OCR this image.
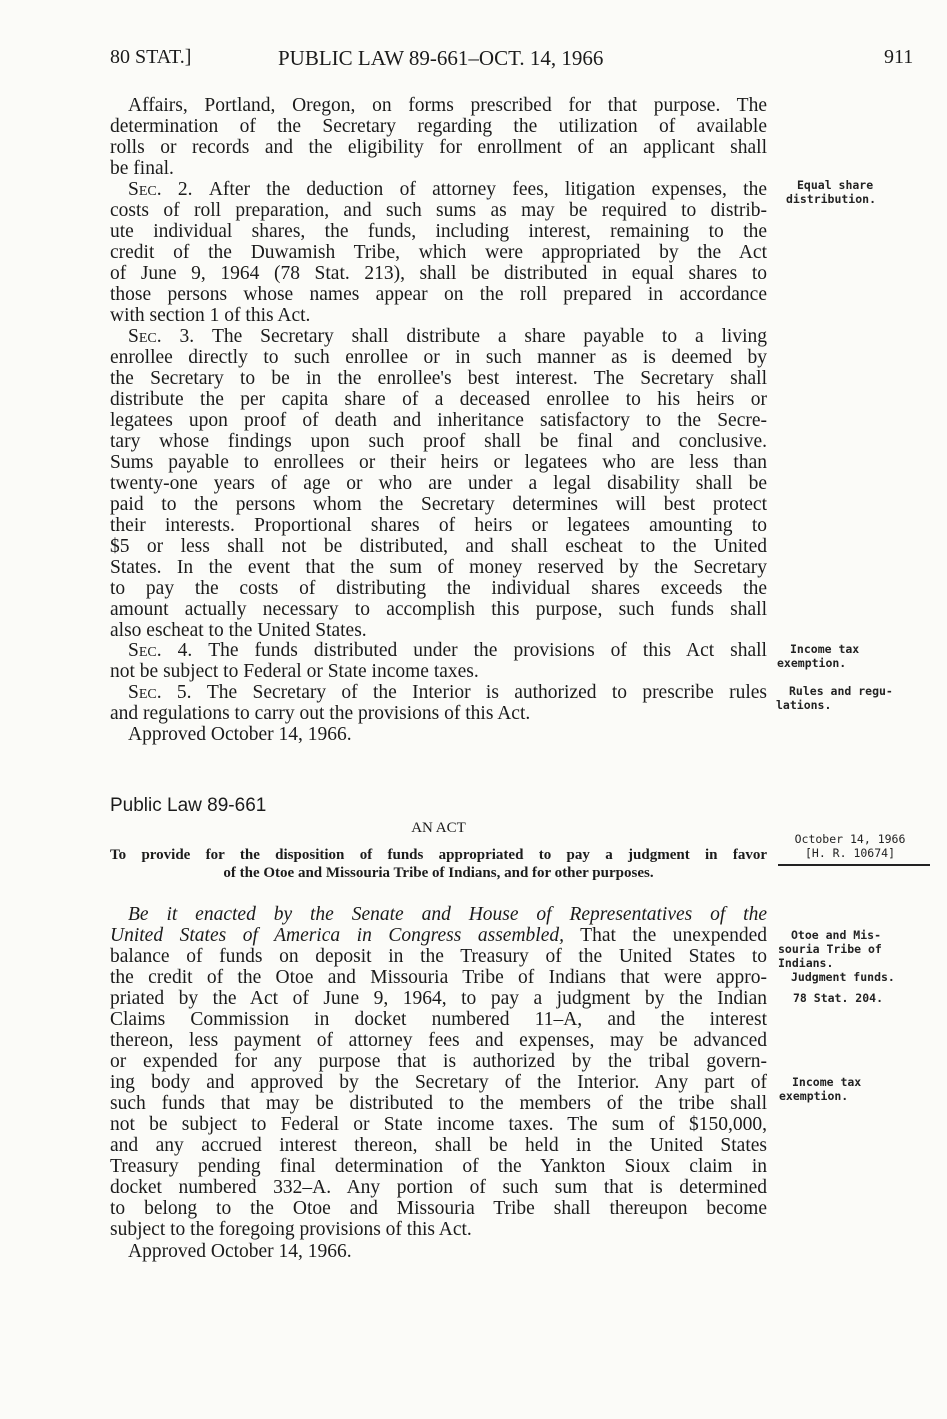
80 STAT.]	PUBLIC LAW 89-661–OCT. 14, 1966	911
Affairs, Portland, Oregon, on forms prescribed for that purpose. The
determination of the Secretary regarding the utilization of available
rolls or records and the eligibility for enrollment of an applicant shall
be final.
Sec. 2. After the deduction of attorney fees, litigation expenses, the
costs of roll preparation, and such sums as may be required to distrib-
ute individual shares, the funds, including interest, remaining to the
credit of the Duwamish Tribe, which were appropriated by the Act
of June 9, 1964 (78 Stat. 213), shall be distributed in equal shares to
those persons whose names appear on the roll prepared in accordance
with section 1 of this Act.
Sec. 3. The Secretary shall distribute a share payable to a living
enrollee directly to such enrollee or in such manner as is deemed by
the Secretary to be in the enrollee's best interest. The Secretary shall
distribute the per capita share of a deceased enrollee to his heirs or
legatees upon proof of death and inheritance satisfactory to the Secre-
tary whose findings upon such proof shall be final and conclusive.
Sums payable to enrollees or their heirs or legatees who are less than
twenty-one years of age or who are under a legal disability shall be
paid to the persons whom the Secretary determines will best protect
their interests. Proportional shares of heirs or legatees amounting to
$5 or less shall not be distributed, and shall escheat to the United
States. In the event that the sum of money reserved by the Secretary
to pay the costs of distributing the individual shares exceeds the
amount actually necessary to accomplish this purpose, such funds shall
also escheat to the United States.
Sec. 4. The funds distributed under the provisions of this Act shall
not be subject to Federal or State income taxes.
Sec. 5. The Secretary of the Interior is authorized to prescribe rules
and regulations to carry out the provisions of this Act.
Approved October 14, 1966.
Public Law 89-661
AN ACT
To provide for the disposition of funds appropriated to pay a judgment in favor
of the Otoe and Missouria Tribe of Indians, and for other purposes.
Be it enacted by the Senate and House of Representatives of the
United States of America in Congress assembled, That the unexpended
balance of funds on deposit in the Treasury of the United States to
the credit of the Otoe and Missouria Tribe of Indians that were appro-
priated by the Act of June 9, 1964, to pay a judgment by the Indian
Claims Commission in docket numbered 11–A, and the interest
thereon, less payment of attorney fees and expenses, may be advanced
or expended for any purpose that is authorized by the tribal govern-
ing body and approved by the Secretary of the Interior. Any part of
such funds that may be distributed to the members of the tribe shall
not be subject to Federal or State income taxes. The sum of $150,000,
and any accrued interest thereon, shall be held in the United States
Treasury pending final determination of the Yankton Sioux claim in
docket numbered 332–A. Any portion of such sum that is determined
to belong to the Otoe and Missouria Tribe shall thereupon become
subject to the foregoing provisions of this Act.
Approved October 14, 1966.
Equal share
distribution.
Income tax
exemption.
Rules and regu-
lations.
October 14, 1966
[H. R. 10674]
Otoe and Mis-
souria Tribe of
Indians.
Judgment funds.
78 Stat. 204.
Income tax
exemption.
